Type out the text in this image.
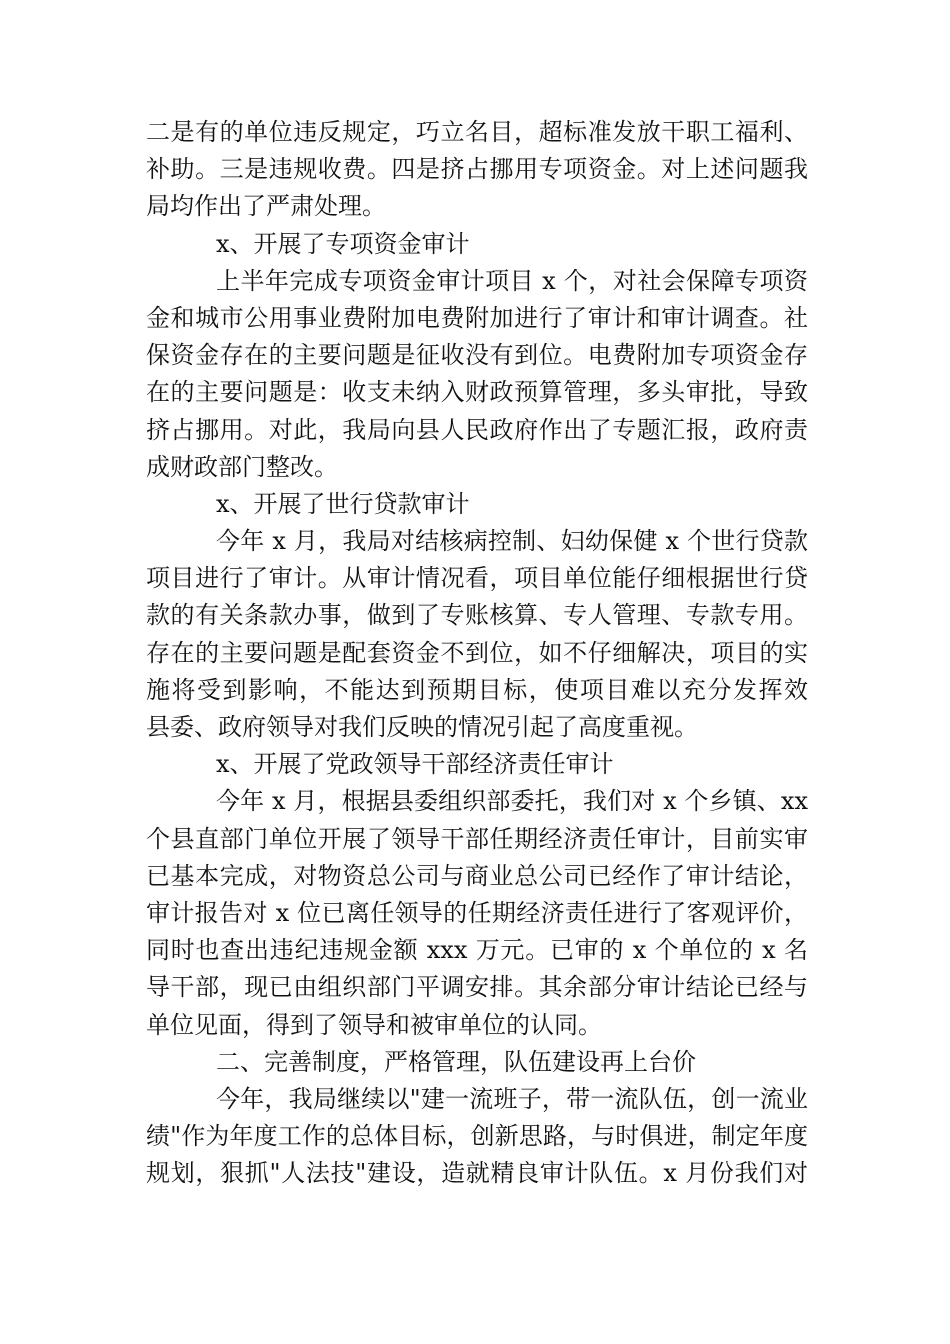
二是有的单位违反规定，巧立名目，超标准发放干职工福利、
补助。三是违规收费。四是挤占挪用专项资金。对上述问题我
局均作出了严肃处理。
x、开展了专项资金审计
上半年完成专项资金审计项目 x 个，对社会保障专项资
金和城市公用事业费附加电费附加进行了审计和审计调查。社
保资金存在的主要问题是征收没有到位。电费附加专项资金存
在的主要问题是：收支未纳入财政预算管理，多头审批，导致
挤占挪用。对此，我局向县人民政府作出了专题汇报，政府责
成财政部门整改。
x、开展了世行贷款审计
今年 x 月，我局对结核病控制、妇幼保健 x 个世行贷款
项目进行了审计。从审计情况看，项目单位能仔细根据世行贷
款的有关条款办事，做到了专账核算、专人管理、专款专用。
存在的主要问题是配套资金不到位，如不仔细解决，项目的实
施将受到影响，不能达到预期目标，使项目难以充分发挥效
县委、政府领导对我们反映的情况引起了高度重视。
x、开展了党政领导干部经济责任审计
今年 x 月，根据县委组织部委托，我们对 x 个乡镇、xx
个县直部门单位开展了领导干部任期经济责任审计，目前实审
已基本完成，对物资总公司与商业总公司已经作了审计结论，
审计报告对 x 位已离任领导的任期经济责任进行了客观评价，
同时也查出违纪违规金额 xxx 万元。已审的 x 个单位的 x 名
导干部，现已由组织部门平调安排。其余部分审计结论已经与
单位见面，得到了领导和被审单位的认同。
二、完善制度，严格管理，队伍建设再上台价
今年，我局继续以"建一流班子，带一流队伍，创一流业
绩"作为年度工作的总体目标，创新思路，与时俱进，制定年度
规划，狠抓"人法技"建设，造就精良审计队伍。x 月份我们对
